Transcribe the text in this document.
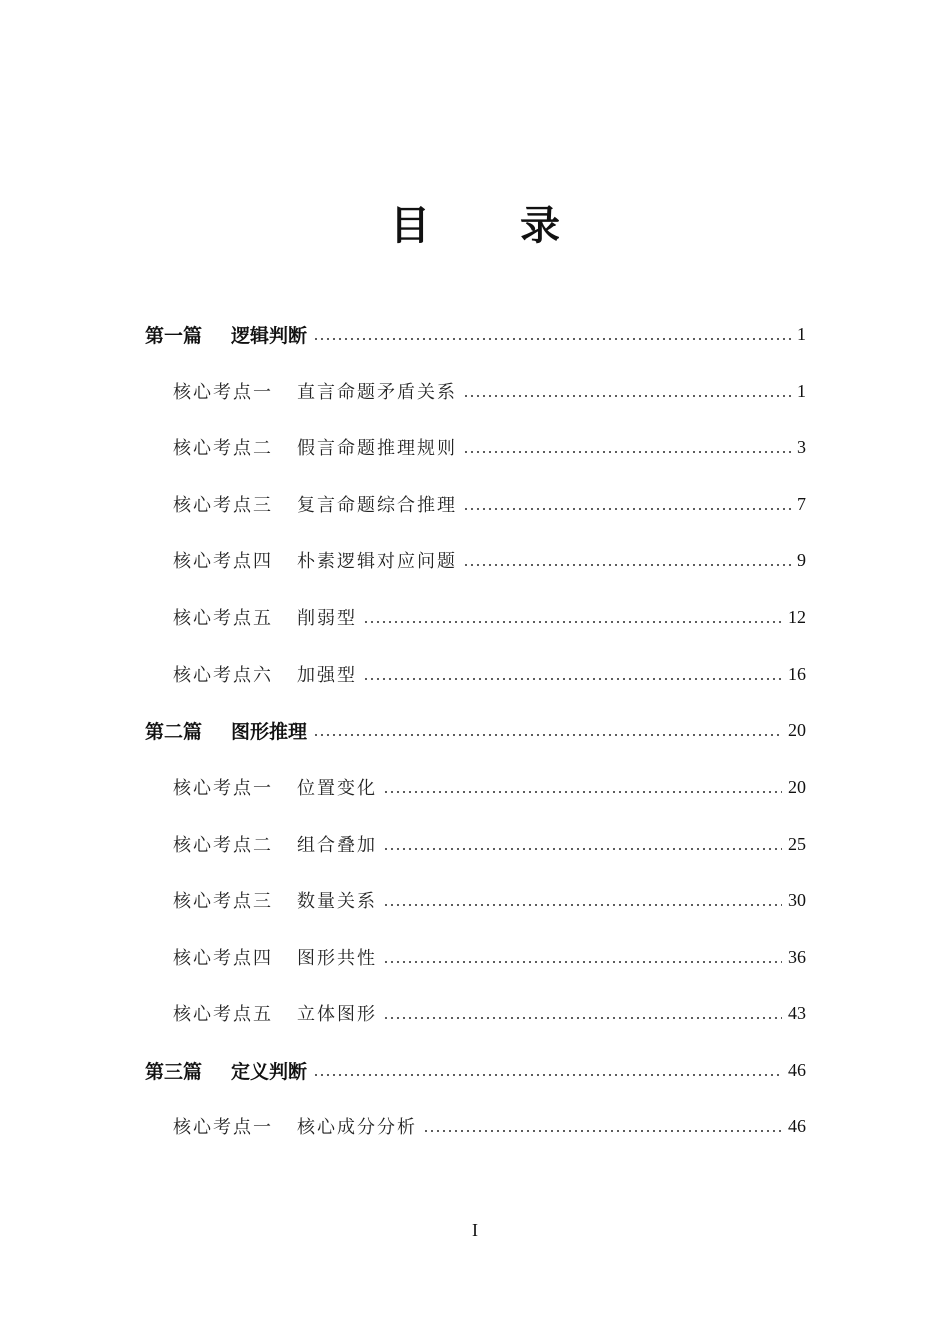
目 录
第一篇	逻辑判断	1
核心考点一	直言命题矛盾关系	1
核心考点二	假言命题推理规则	3
核心考点三	复言命题综合推理	7
核心考点四	朴素逻辑对应问题	9
核心考点五	削弱型	12
核心考点六	加强型	16
第二篇	图形推理	20
核心考点一	位置变化	20
核心考点二	组合叠加	25
核心考点三	数量关系	30
核心考点四	图形共性	36
核心考点五	立体图形	43
第三篇	定义判断	46
核心考点一	核心成分分析	46
I
